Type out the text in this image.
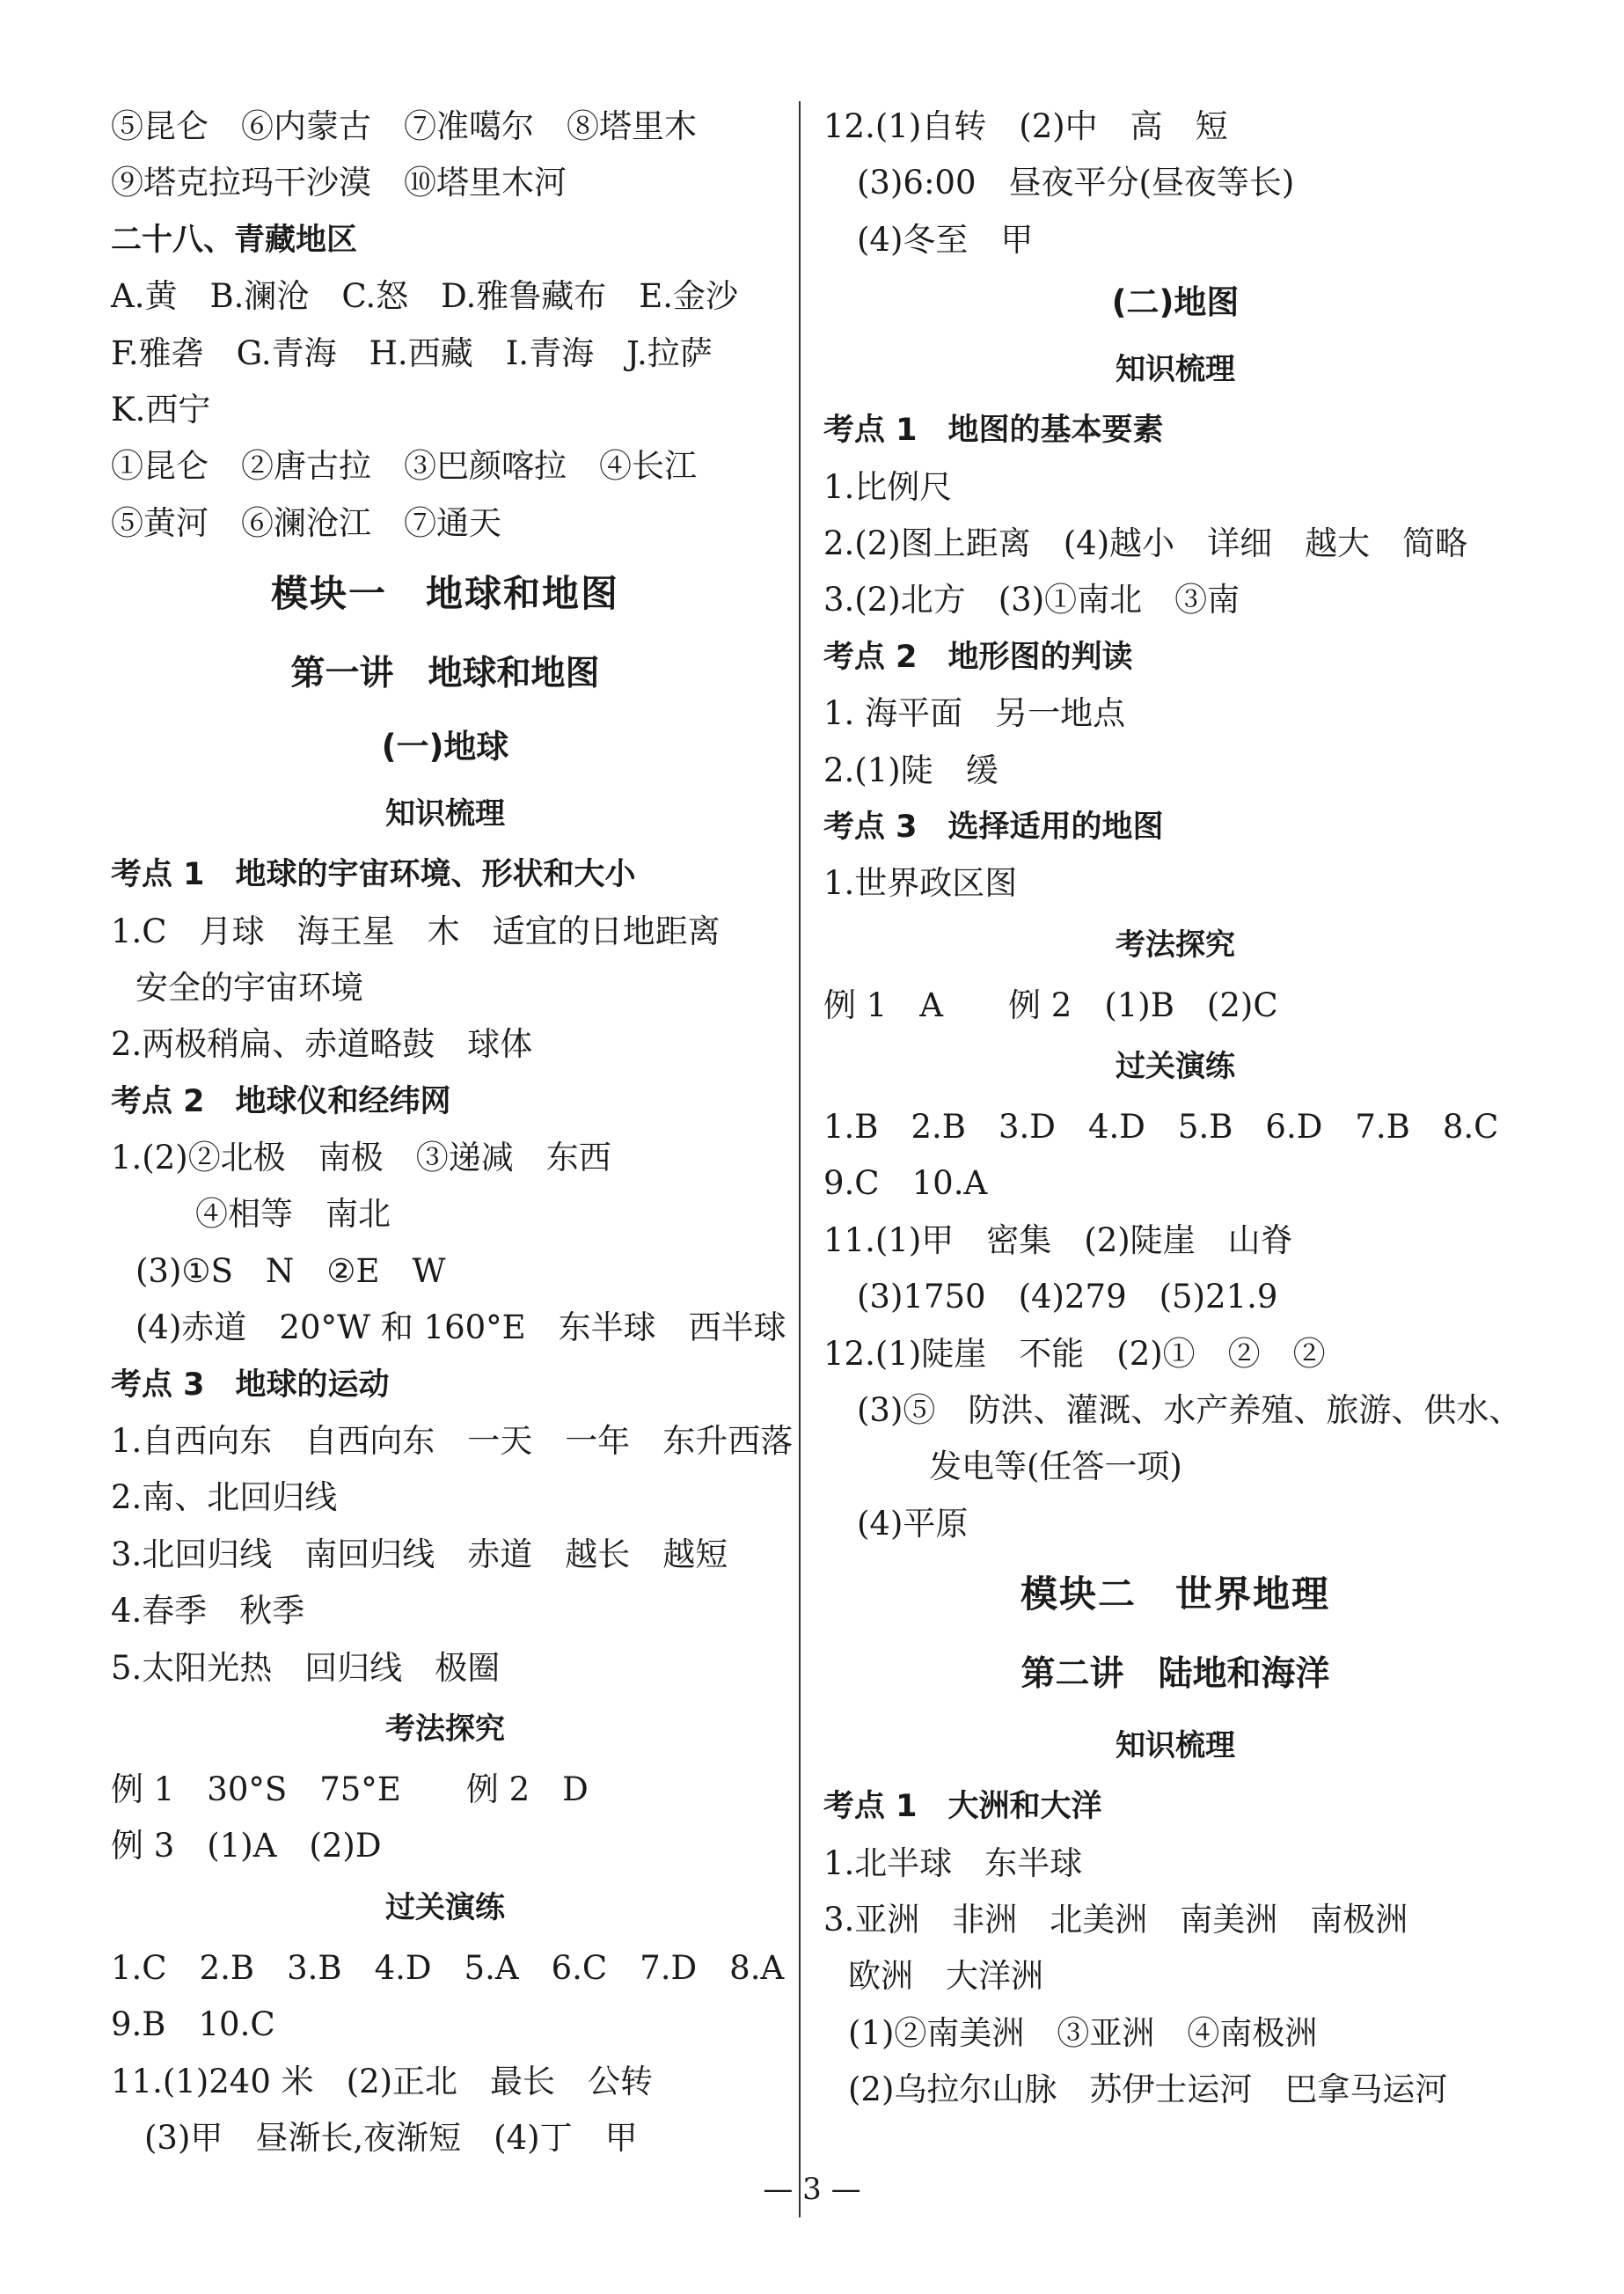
⑤昆仑　⑥内蒙古　⑦准噶尔　⑧塔里木
⑨塔克拉玛干沙漠　⑩塔里木河
二十八、青藏地区
A.黄　B.澜沧　C.怒　D.雅鲁藏布　E.金沙
F.雅砻　G.青海　H.西藏　I.青海　J.拉萨
K.西宁
①昆仑　②唐古拉　③巴颜喀拉　④长江
⑤黄河　⑥澜沧江　⑦通天
模块一　地球和地图
第一讲　地球和地图
(一)地球
知识梳理
考点 1　地球的宇宙环境、形状和大小
1.C　月球　海王星　木　适宜的日地距离
安全的宇宙环境
2.两极稍扁、赤道略鼓　球体
考点 2　地球仪和经纬网
1.(2)②北极　南极　③递减　东西
④相等　南北
(3)①S　N　②E　W
(4)赤道　20°W 和 160°E　东半球　西半球
考点 3　地球的运动
1.自西向东　自西向东　一天　一年　东升西落
2.南、北回归线
3.北回归线　南回归线　赤道　越长　越短
4.春季　秋季
5.太阳光热　回归线　极圈
考法探究
例 1　30°S　75°E　　例 2　D
例 3　(1)A　(2)D
过关演练
1.C　2.B　3.B　4.D　5.A　6.C　7.D　8.A
9.B　10.C
11.(1)240 米　(2)正北　最长　公转
(3)甲　昼渐长,夜渐短　(4)丁　甲
12.(1)自转　(2)中　高　短
(3)6:00　昼夜平分(昼夜等长)
(4)冬至　甲
(二)地图
知识梳理
考点 1　地图的基本要素
1.比例尺
2.(2)图上距离　(4)越小　详细　越大　简略
3.(2)北方　(3)①南北　③南
考点 2　地形图的判读
1. 海平面　另一地点
2.(1)陡　缓
考点 3　选择适用的地图
1.世界政区图
考法探究
例 1　A　　例 2　(1)B　(2)C
过关演练
1.B　2.B　3.D　4.D　5.B　6.D　7.B　8.C
9.C　10.A
11.(1)甲　密集　(2)陡崖　山脊
(3)1750　(4)279　(5)21.9
12.(1)陡崖　不能　(2)①　②　②
(3)⑤　防洪、灌溉、水产养殖、旅游、供水、
发电等(任答一项)
(4)平原
模块二　世界地理
第二讲　陆地和海洋
知识梳理
考点 1　大洲和大洋
1.北半球　东半球
3.亚洲　非洲　北美洲　南美洲　南极洲
欧洲　大洋洲
(1)②南美洲　③亚洲　④南极洲
(2)乌拉尔山脉　苏伊士运河　巴拿马运河
— 3 —
